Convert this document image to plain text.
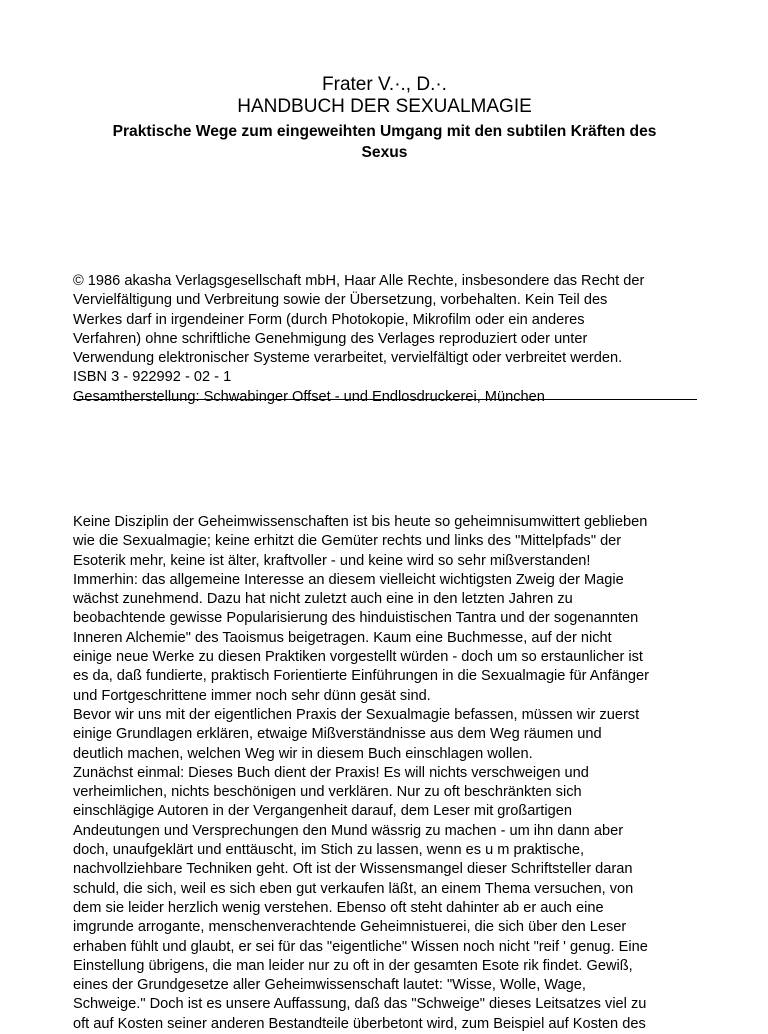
Frater V.·., D.·.
HANDBUCH DER SEXUALMAGIE
Praktische Wege zum eingeweihten Umgang mit den subtilen Kräften des
Sexus

© 1986 akasha Verlagsgesellschaft mbH, Haar Alle Rechte, insbesondere das Recht der

Vervielfältigung und Verbreitung sowie der Übersetzung, vorbehalten. Kein Teil des

Werkes darf in irgendeiner Form (durch Photokopie, Mikrofilm oder ein anderes

Verfahren) ohne schriftliche Genehmigung des Verlages reproduziert oder unter

Verwendung elektronischer Systeme verarbeitet, vervielfältigt oder verbreitet werden.

ISBN 3 - 922992 - 02 - 1

Gesamtherstellung: Schwabinger Offset - und Endlosdruckerei, München

Keine Disziplin der Geheimwissenschaften ist bis heute so geheimnisumwittert geblieben

wie die Sexualmagie; keine erhitzt die Gemüter rechts und links des "Mittelpfads" der

Esoterik mehr, keine ist älter, kraftvoller - und keine wird so sehr mißverstanden!

Immerhin: das allgemeine Interesse an diesem vielleicht wichtigsten Zweig der Magie

wächst zunehmend. Dazu hat nicht zuletzt auch eine in den letzten Jahren zu

beobachtende gewisse Popularisierung des hinduistischen Tantra und der sogenannten

Inneren Alchemie" des Taoismus beigetragen. Kaum eine Buchmesse, auf der nicht

einige neue Werke zu diesen Praktiken vorgestellt würden - doch um so erstaunlicher ist

es da, daß fundierte, praktisch Forientierte Einführungen in die Sexualmagie für Anfänger

und Fortgeschrittene immer noch sehr dünn gesät sind.

Bevor wir uns mit der eigentlichen Praxis der Sexualmagie befassen, müssen wir zuerst

einige Grundlagen erklären, etwaige Mißverständnisse aus dem Weg räumen und

deutlich machen, welchen Weg wir in diesem Buch einschlagen wollen.

Zunächst einmal: Dieses Buch dient der Praxis! Es will nichts verschweigen und

verheimlichen, nichts beschönigen und verklären. Nur zu oft beschränkten sich

einschlägige Autoren in der Vergangenheit darauf, dem Leser mit großartigen

Andeutungen und Versprechungen den Mund wässrig zu machen - um ihn dann aber

doch, unaufgeklärt und enttäuscht, im Stich zu lassen, wenn es u m praktische,

nachvollziehbare Techniken geht. Oft ist der Wissensmangel dieser Schriftsteller daran

schuld, die sich, weil es sich eben gut verkaufen läßt, an einem Thema versuchen, von

dem sie leider herzlich wenig verstehen. Ebenso oft steht dahinter ab er auch eine

imgrunde arrogante, menschenverachtende Geheimnistuerei, die sich über den Leser

erhaben fühlt und glaubt, er sei für das "eigentliche" Wissen noch nicht "reif ' genug. Eine

Einstellung übrigens, die man leider nur zu oft in der gesamten Esote rik findet. Gewiß,

eines der Grundgesetze aller Geheimwissenschaft lautet: "Wisse, Wolle, Wage,

Schweige." Doch ist es unsere Auffassung, daß das "Schweige" dieses Leitsatzes viel zu

oft auf Kosten seiner anderen Bestandteile überbetont wird, zum Beispiel auf Kosten des
